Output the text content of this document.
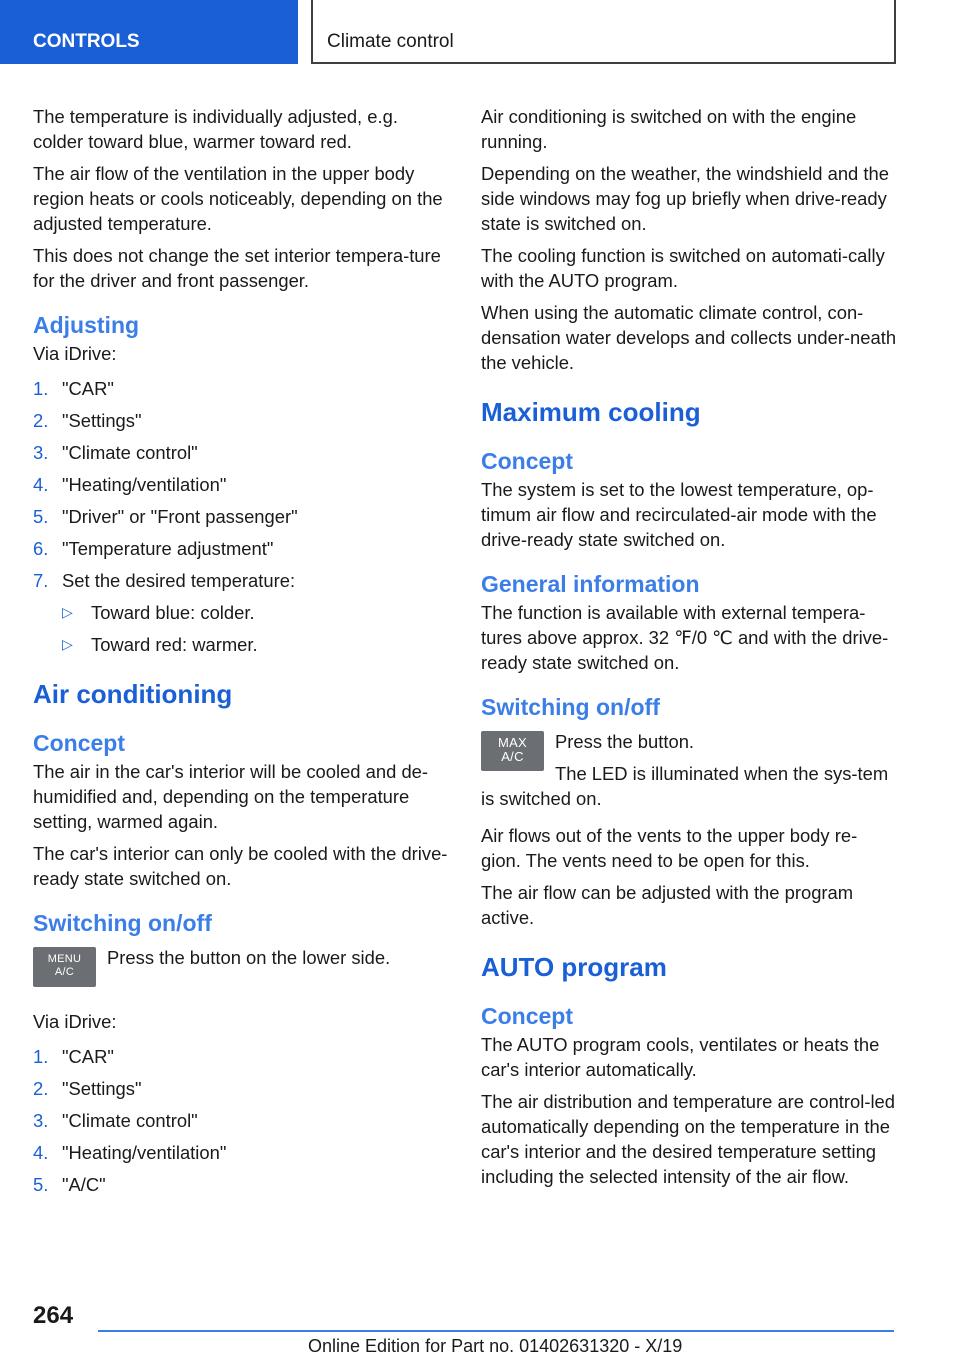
CONTROLS	Climate control

The temperature is individually adjusted, e.g. colder toward blue, warmer toward red.

The air flow of the ventilation in the upper body region heats or cools noticeably, depending on the adjusted temperature.

This does not change the set interior tempera‐ture for the driver and front passenger.

Adjusting

Via iDrive:

1. "CAR"
2. "Settings"
3. "Climate control"
4. "Heating/ventilation"
5. "Driver" or "Front passenger"
6. "Temperature adjustment"
7. Set the desired temperature:
▷ Toward blue: colder.
▷ Toward red: warmer.
Air conditioning
Concept

The air in the car's interior will be cooled and de‐humidified and, depending on the temperature setting, warmed again.

The car's interior can only be cooled with the drive-ready state switched on.

Switching on/off
MENU
A/C

Press the button on the lower side.

Via iDrive:

1. "CAR"
2. "Settings"
3. "Climate control"
4. "Heating/ventilation"
5. "A/C"

Air conditioning is switched on with the engine running.

Depending on the weather, the windshield and the side windows may fog up briefly when drive-ready state is switched on.

The cooling function is switched on automati‐cally with the AUTO program.

When using the automatic climate control, con‐densation water develops and collects under‐neath the vehicle.

Maximum cooling
Concept

The system is set to the lowest temperature, op‐timum air flow and recirculated-air mode with the drive-ready state switched on.

General information

The function is available with external tempera‐tures above approx. 32 ℉/0 ℃ and with the drive-ready state switched on.

Switching on/off
MAX
A/C

Press the button.

The LED is illuminated when the sys‐tem is switched on.

Air flows out of the vents to the upper body re‐gion. The vents need to be open for this.

The air flow can be adjusted with the program active.

AUTO program
Concept

The AUTO program cools, ventilates or heats the car's interior automatically.

The air distribution and temperature are control‐led automatically depending on the temperature in the car's interior and the desired temperature setting including the selected intensity of the air flow.

264
Online Edition for Part no. 01402631320 - X/19
